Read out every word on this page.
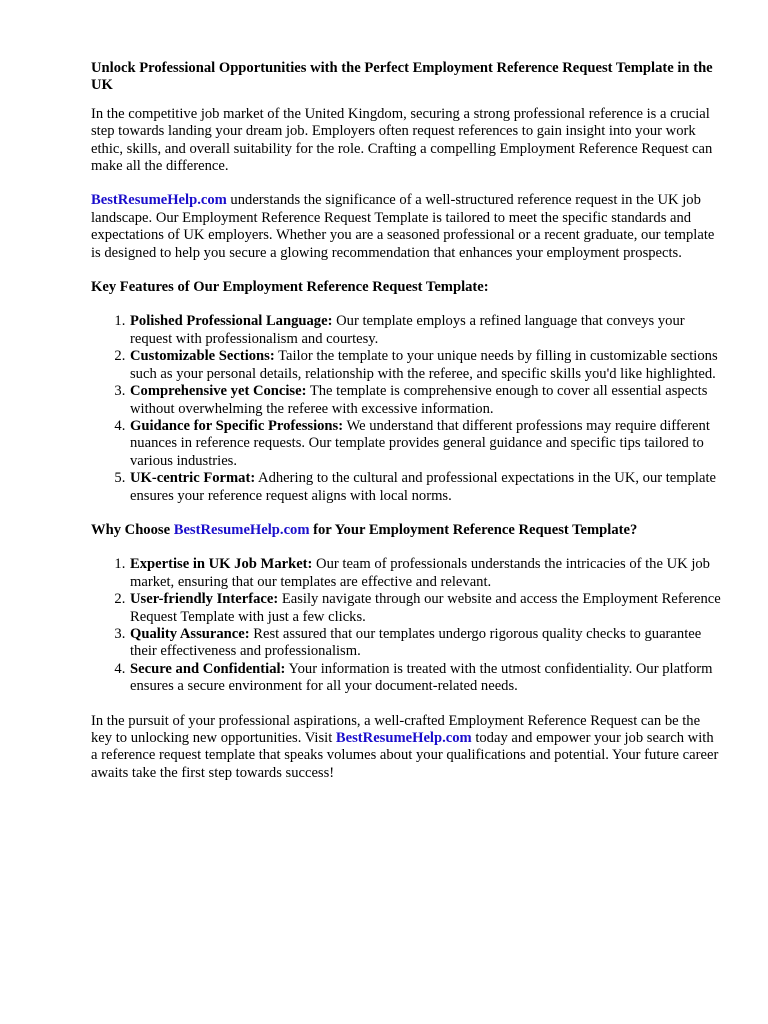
Unlock Professional Opportunities with the Perfect Employment Reference Request Template in the UK

In the competitive job market of the United Kingdom, securing a strong professional reference is a crucial step towards landing your dream job. Employers often request references to gain insight into your work ethic, skills, and overall suitability for the role. Crafting a compelling Employment Reference Request can make all the difference.

BestResumeHelp.com understands the significance of a well-structured reference request in the UK job landscape. Our Employment Reference Request Template is tailored to meet the specific standards and expectations of UK employers. Whether you are a seasoned professional or a recent graduate, our template is designed to help you secure a glowing recommendation that enhances your employment prospects.

Key Features of Our Employment Reference Request Template:
1. Polished Professional Language: Our template employs a refined language that conveys your request with professionalism and courtesy.
2. Customizable Sections: Tailor the template to your unique needs by filling in customizable sections such as your personal details, relationship with the referee, and specific skills you'd like highlighted.
3. Comprehensive yet Concise: The template is comprehensive enough to cover all essential aspects without overwhelming the referee with excessive information.
4. Guidance for Specific Professions: We understand that different professions may require different nuances in reference requests. Our template provides general guidance and specific tips tailored to various industries.
5. UK-centric Format: Adhering to the cultural and professional expectations in the UK, our template ensures your reference request aligns with local norms.
Why Choose BestResumeHelp.com for Your Employment Reference Request Template?
1. Expertise in UK Job Market: Our team of professionals understands the intricacies of the UK job market, ensuring that our templates are effective and relevant.
2. User-friendly Interface: Easily navigate through our website and access the Employment Reference Request Template with just a few clicks.
3. Quality Assurance: Rest assured that our templates undergo rigorous quality checks to guarantee their effectiveness and professionalism.
4. Secure and Confidential: Your information is treated with the utmost confidentiality. Our platform ensures a secure environment for all your document-related needs.

In the pursuit of your professional aspirations, a well-crafted Employment Reference Request can be the key to unlocking new opportunities. Visit BestResumeHelp.com today and empower your job search with a reference request template that speaks volumes about your qualifications and potential. Your future career awaits take the first step towards success!
